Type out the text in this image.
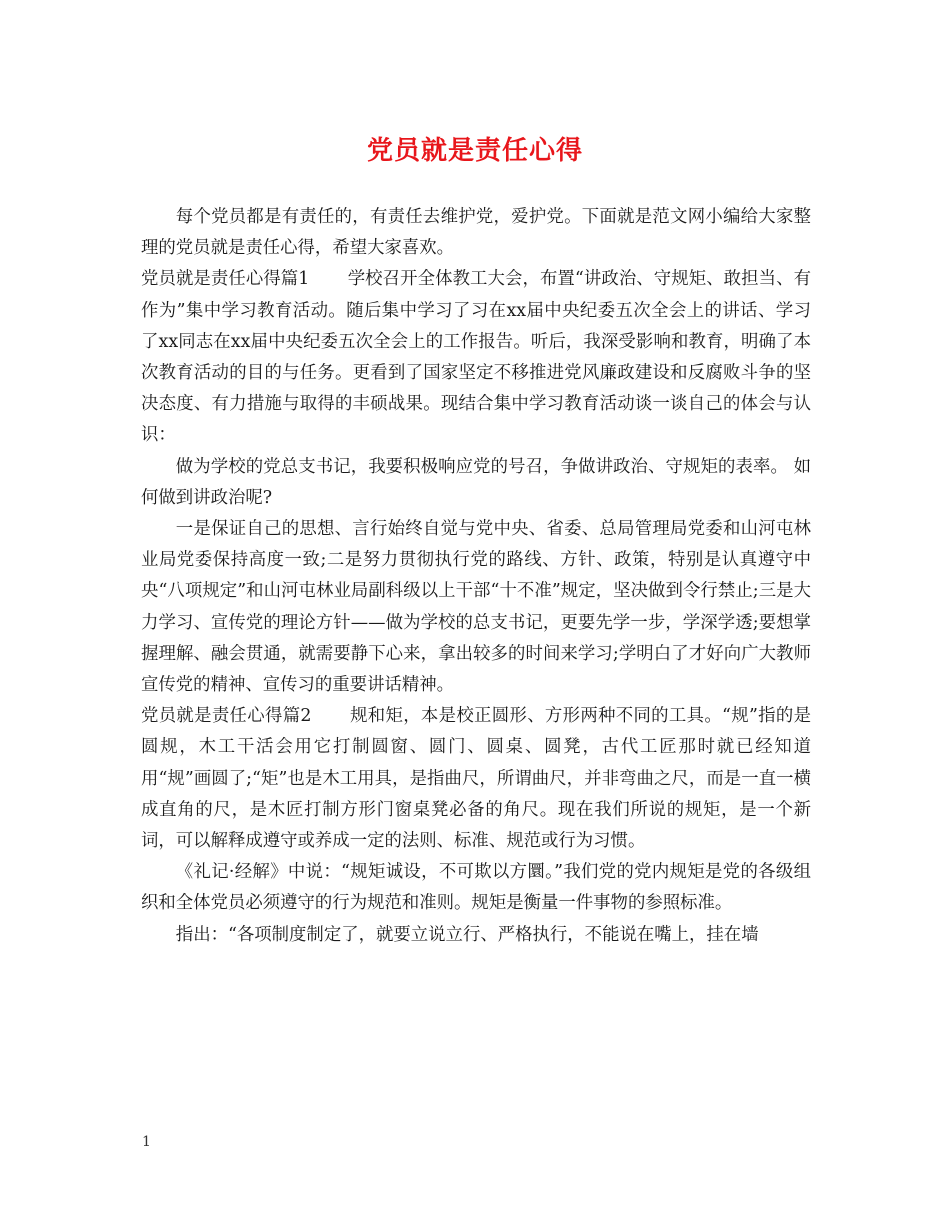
党员就是责任心得

每个党员都是有责任的，有责任去维护党，爱护党。下面就是范文网小编给大家整理的党员就是责任心得，希望大家喜欢。

党员就是责任心得篇1 学校召开全体教工大会，布置“讲政治、守规矩、敢担当、有作为”集中学习教育活动。随后集中学习了习在xx届中央纪委五次全会上的讲话、学习了xx同志在xx届中央纪委五次全会上的工作报告。听后，我深受影响和教育，明确了本次教育活动的目的与任务。更看到了国家坚定不移推进党风廉政建设和反腐败斗争的坚决态度、有力措施与取得的丰硕战果。现结合集中学习教育活动谈一谈自己的体会与认识：

做为学校的党总支书记，我要积极响应党的号召，争做讲政治、守规矩的表率。 如何做到讲政治呢?

一是保证自己的思想、言行始终自觉与党中央、省委、总局管理局党委和山河屯林业局党委保持高度一致;二是努力贯彻执行党的路线、方针、政策，特别是认真遵守中央“八项规定”和山河屯林业局副科级以上干部“十不准”规定，坚决做到令行禁止;三是大力学习、宣传党的理论方针——做为学校的总支书记，更要先学一步，学深学透;要想掌握理解、融会贯通，就需要静下心来，拿出较多的时间来学习;学明白了才好向广大教师宣传党的精神、宣传习的重要讲话精神。

党员就是责任心得篇2 规和矩，本是校正圆形、方形两种不同的工具。“规”指的是圆规，木工干活会用它打制圆窗、圆门、圆桌、圆凳，古代工匠那时就已经知道用“规”画圆了;“矩”也是木工用具，是指曲尺，所谓曲尺，并非弯曲之尺，而是一直一横成直角的尺，是木匠打制方形门窗桌凳必备的角尺。现在我们所说的规矩，是一个新词，可以解释成遵守或养成一定的法则、标准、规范或行为习惯。

《礼记·经解》中说：“规矩诚设，不可欺以方圜。”我们党的党内规矩是党的各级组织和全体党员必须遵守的行为规范和准则。规矩是衡量一件事物的参照标准。

指出：“各项制度制定了，就要立说立行、严格执行，不能说在嘴上，挂在墙

1
